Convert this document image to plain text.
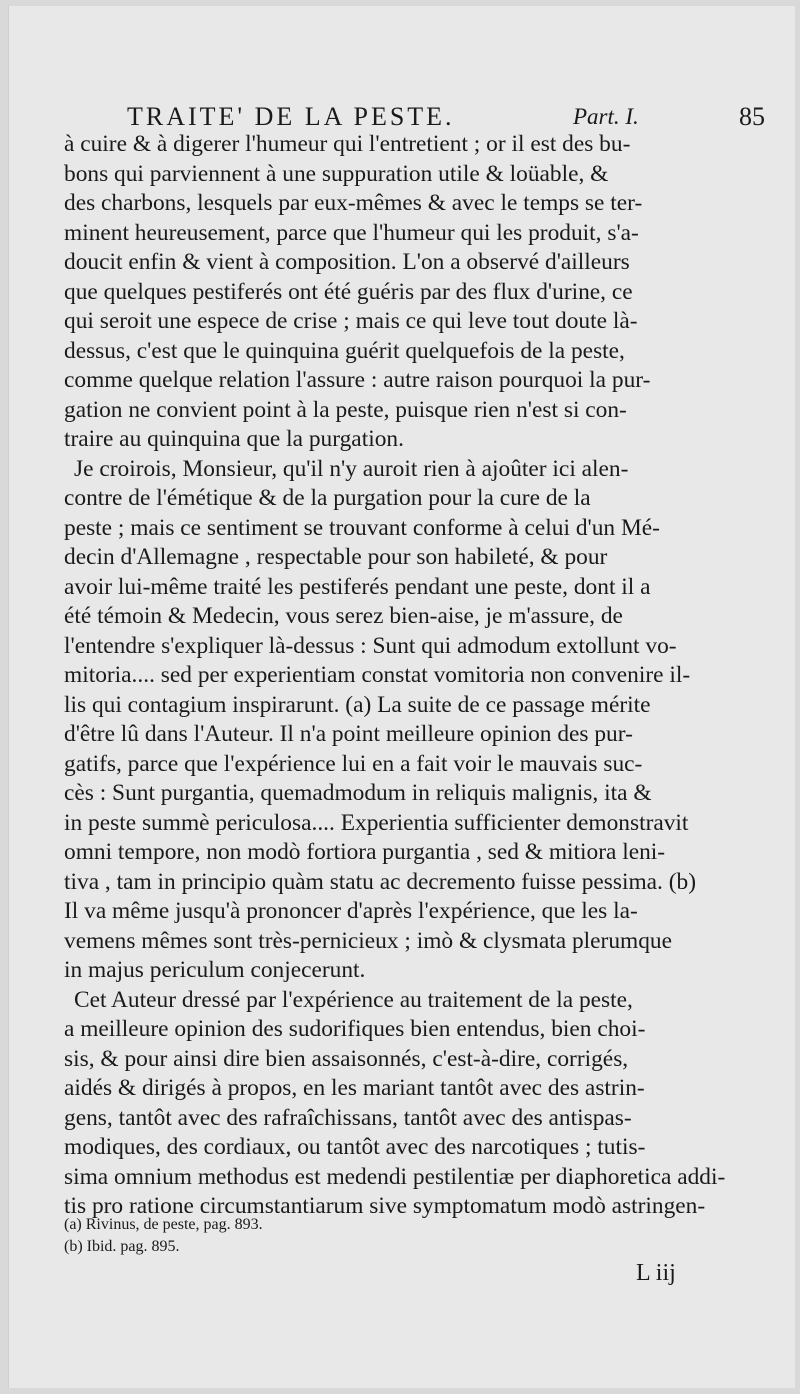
TRAITE' DE LA PESTE.	Part. I.	85
à cuire & à digerer l'humeur qui l'entretient ; or il est des bu-
bons qui parviennent à une suppuration utile & loüable, &
des charbons, lesquels par eux-mêmes & avec le temps se ter-
minent heureusement, parce que l'humeur qui les produit, s'a-
doucit enfin & vient à composition. L'on a observé d'ailleurs
que quelques pestiferés ont été guéris par des flux d'urine, ce
qui seroit une espece de crise ; mais ce qui leve tout doute là-
dessus, c'est que le quinquina guérit quelquefois de la peste,
comme quelque relation l'assure : autre raison pourquoi la pur-
gation ne convient point à la peste, puisque rien n'est si con-
traire au quinquina que la purgation.
Je croirois, Monsieur, qu'il n'y auroit rien à ajoûter ici alen-
contre de l'émétique & de la purgation pour la cure de la
peste ; mais ce sentiment se trouvant conforme à celui d'un Mé-
decin d'Allemagne , respectable pour son habileté, & pour
avoir lui-même traité les pestiferés pendant une peste, dont il a
été témoin & Medecin, vous serez bien-aise, je m'assure, de
l'entendre s'expliquer là-dessus : Sunt qui admodum extollunt vo-
mitoria.... sed per experientiam constat vomitoria non convenire il-
lis qui contagium inspirarunt. (a) La suite de ce passage mérite
d'être lû dans l'Auteur. Il n'a point meilleure opinion des pur-
gatifs, parce que l'expérience lui en a fait voir le mauvais suc-
cès : Sunt purgantia, quemadmodum in reliquis malignis, ita &
in peste summè periculosa.... Experientia sufficienter demonstravit
omni tempore, non modò fortiora purgantia , sed & mitiora leni-
tiva , tam in principio quàm statu ac decremento fuisse pessima. (b)
Il va même jusqu'à prononcer d'après l'expérience, que les la-
vemens mêmes sont très-pernicieux ; imò & clysmata plerumque
in majus periculum conjecerunt.
Cet Auteur dressé par l'expérience au traitement de la peste,
a meilleure opinion des sudorifiques bien entendus, bien choi-
sis, & pour ainsi dire bien assaisonnés, c'est-à-dire, corrigés,
aidés & dirigés à propos, en les mariant tantôt avec des astrin-
gens, tantôt avec des rafraîchissans, tantôt avec des antispas-
modiques, des cordiaux, ou tantôt avec des narcotiques ; tutis-
sima omnium methodus est medendi pestilentiæ per diaphoretica addi-
tis pro ratione circumstantiarum sive symptomatum modò astringen-
(a) Rivinus, de peste, pag. 893.
(b) Ibid. pag. 895.
L iij
